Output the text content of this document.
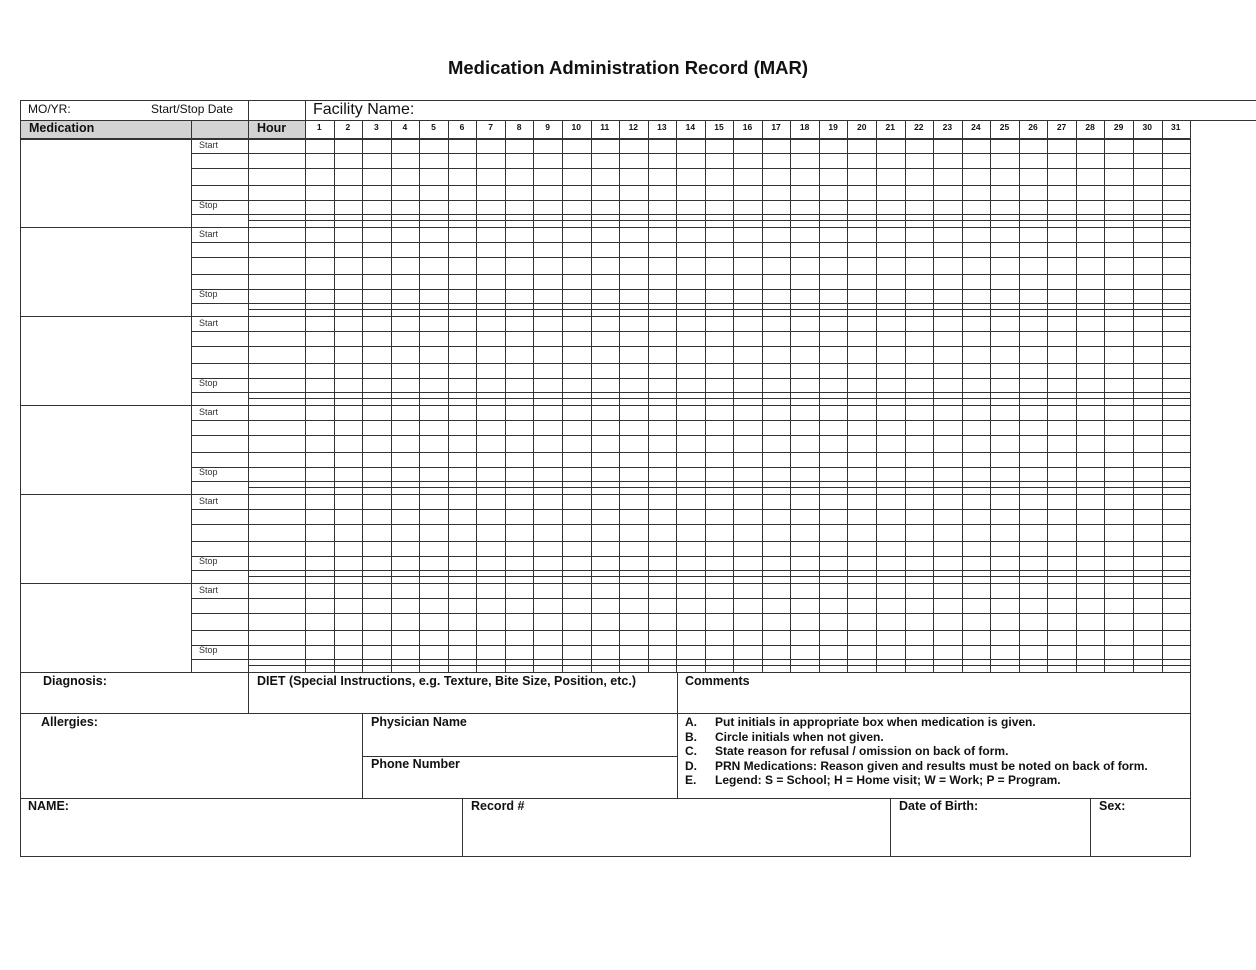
Medication Administration Record (MAR)
MO/YR:	Start/Stop Date	Facility Name:
Medication	Hour	1	2	3	4	5	6	7	8	9	10	11	12	13	14	15	16	17	18	19	20	21	22	23	24	25	26	27	28	29	30	31
Start
Stop
Start
Stop
Start
Stop
Start
Stop
Start
Stop
Start
Stop
Diagnosis:	DIET (Special Instructions, e.g. Texture, Bite Size, Position, etc.)	Comments
Allergies:	Physician Name
Phone Number
A. Put initials in appropriate box when medication is given.
B. Circle initials when not given.
C. State reason for refusal / omission on back of form.
D. PRN Medications: Reason given and results must be noted on back of form.
E. Legend: S = School; H = Home visit; W = Work; P = Program.
NAME:	Record #	Date of Birth:	Sex:
